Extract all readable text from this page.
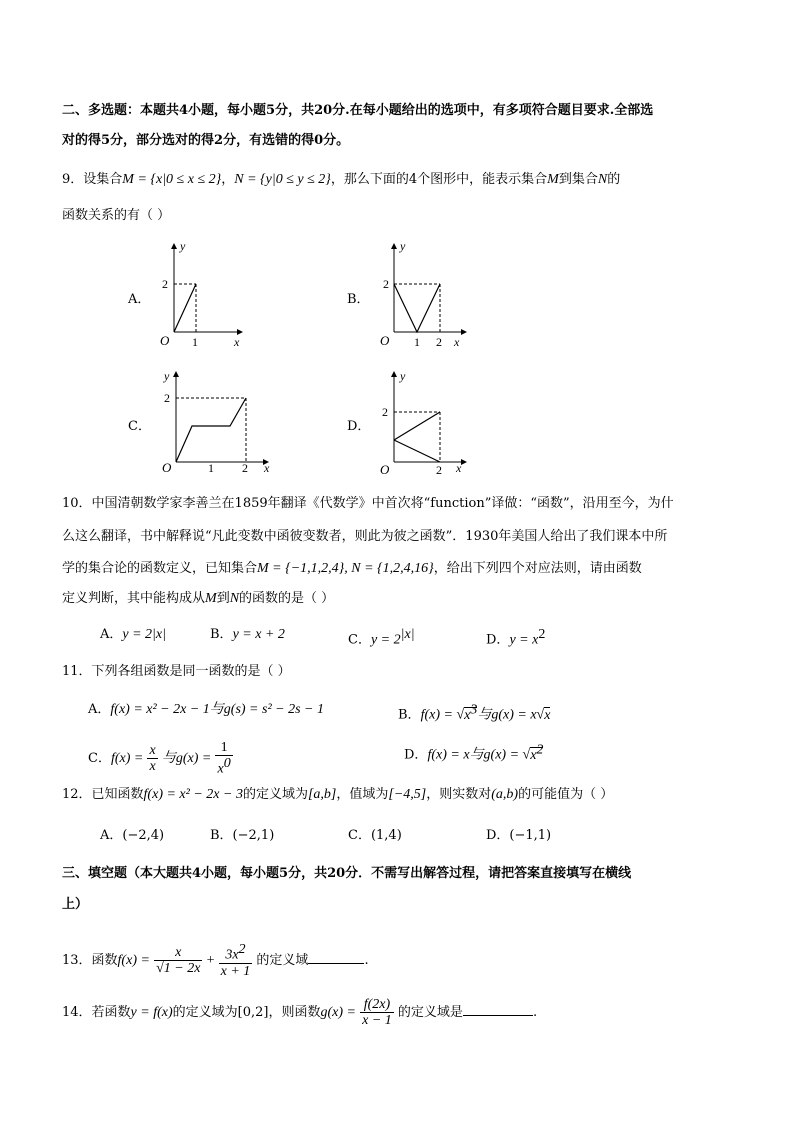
二、多选题：本题共4小题，每小题5分，共20分.在每小题给出的选项中，有多项符合题目要求.全部选
对的得5分，部分选对的得2分，有选错的得0分。
9．设集合M = {x|0 ≤ x ≤ 2}，N = {y|0 ≤ y ≤ 2}，那么下面的4个图形中，能表示集合M到集合N的
函数关系的有（ ）
A．	B．
C．	D．
y
x
O
2
1
y
x
O
2
1 2
y
x
O
2
1 2
y
x
O
2
2
10．中国清朝数学家李善兰在1859年翻译《代数学》中首次将“function”译做：“函数”，沿用至今，为什
么这么翻译，书中解释说“凡此变数中函彼变数者，则此为彼之函数”．1930年美国人给出了我们课本中所
学的集合论的函数定义，已知集合M = {−1,1,2,4}, N = {1,2,4,16}，给出下列四个对应法则，请由函数
定义判断，其中能构成从M到N的函数的是（ ）
A．y = 2|x|	B．y = x + 2	C．$y = 2^{|x|}$	D．$y = x^2$
11．下列各组函数是同一函数的是（ ）
A．f(x) = x² − 2x − 1与g(s) = s² − 2s − 1	B．$f(x) = √x^3$与g(x) = x√x
C．$f(x) = \frac{x}{x}$ 与$g(x) = \frac{1}{x^0}$	D．f(x) = x与$g(x) = √x^2$
12．已知函数f(x) = x² − 2x − 3的定义域为[a,b]，值域为[−4,5]，则实数对(a,b)的可能值为（ ）
A．(−2,4)	B．(−2,1)	C．(1,4)	D．(−1,1)
三、填空题（本大题共4小题，每小题5分，共20分．不需写出解答过程，请把答案直接填写在横线
上）
13．函数$f(x) = \frac{x}{√1 - 2x} + \frac{3x^2}{x + 1}$ 的定义域	.
14．若函数y = f(x)的定义域为[0,2]，则函数$g(x) = \frac{f(2x)}{x - 1}$ 的定义域是	.
